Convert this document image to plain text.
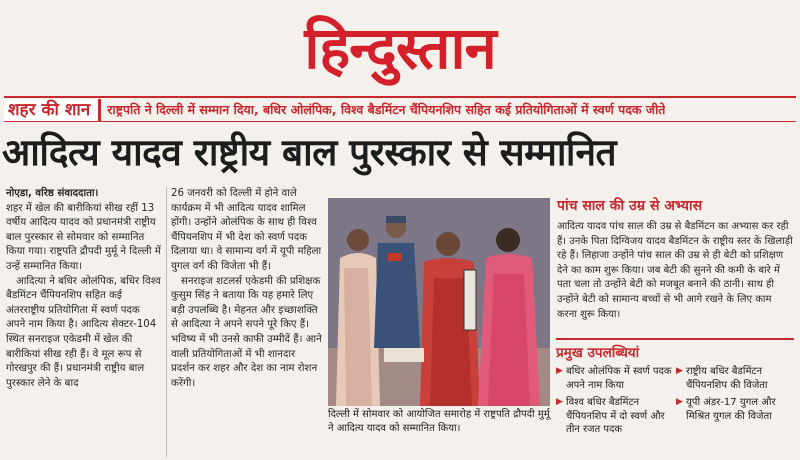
हिन्दुस्तान
शहर की शान	राष्ट्रपति ने दिल्ली में सम्मान दिया, बधिर ओलंपिक, विश्व बैडमिंटन चैंपियनशिप सहित कई प्रतियोगिताओं में स्वर्ण पदक जीते
आदित्य यादव राष्ट्रीय बाल पुरस्कार से सम्मानित
नोएडा, वरिष्ठ संवाददाता।

शहर में खेल की बारीकियां सीख रहीं 13 वर्षीय आदित्य यादव को प्रधानमंत्री राष्ट्रीय बाल पुरस्कार से सोमवार को सम्मानित किया गया। राष्ट्रपति द्रौपदी मुर्मू ने दिल्ली में उन्हें सम्मानित किया।

आदित्या ने बधिर ओलंपिक, बधिर विश्व बैडमिंटन चैंपियनशिप सहित कई अंतरराष्ट्रीय प्रतियोगिता में स्वर्ण पदक अपने नाम किया है। आदित्य सेक्टर-104 स्थित सनराइज एकेडमी में खेल की बारीकियां सीख रही हैं। वे मूल रूप से गोरखपुर की हैं। प्रधानमंत्री राष्ट्रीय बाल पुरस्कार लेने के बाद

26 जनवरी को दिल्ली में होने वाले कार्यक्रम में भी आदित्य यादव शामिल होंगी। उन्होंने ओलंपिक के साथ ही विश्व चैंपियनशिप में भी देश को स्वर्ण पदक दिलाया था। वे सामान्य वर्ग में यूपी महिला युगल वर्ग की विजेता भी हैं।

सनराइज शटलर्स एकेडमी की प्रशिक्षक कुसुम सिंह ने बताया कि यह हमारे लिए बड़ी उपलब्धि है। मेहनत और इच्छाशक्ति से आदित्या ने अपने सपने पूरे किए हैं। भविष्य में भी उनसे काफी उम्मीदें हैं। आने वाली प्रतियोगिताओं में भी शानदार प्रदर्शन कर शहर और देश का नाम रोशन करेंगी।

दिल्ली में सोमवार को आयोजित समारोह में राष्ट्रपति द्रौपदी मुर्मू ने आदित्य यादव को सम्मानित किया।
पांच साल की उम्र से अभ्यास
आदित्य यादव पांच साल की उम्र से बैडमिंटन का अभ्यास कर रही हैं। उनके पिता दिग्विजय यादव बैडमिंटन के राष्ट्रीय स्तर के खिलाड़ी रहे हैं। लिहाजा उन्होंने पांच साल की उम्र से ही बेटी को प्रशिक्षण देने का काम शुरू किया। जब बेटी की सुनने की कमी के बारे में पता चला तो उन्होंने बेटी को मजबूत बनाने की ठानी। साथ ही उन्होंने बेटी को सामान्य बच्चों से भी आगे रखने के लिए काम करना शुरू किया।
प्रमुख उपलब्धियां
▶ बधिर ओलंपिक में स्वर्ण पदक अपने नाम किया
▶ राष्ट्रीय बधिर बैडमिंटन चैंपियनशिप की विजेता
▶ विश्व बधिर बैडमिंटन चैंपियनशिप में दो स्वर्ण और तीन रजत पदक
▶ यूपी अंडर-17 युगल और मिश्रित युगल की विजेता
